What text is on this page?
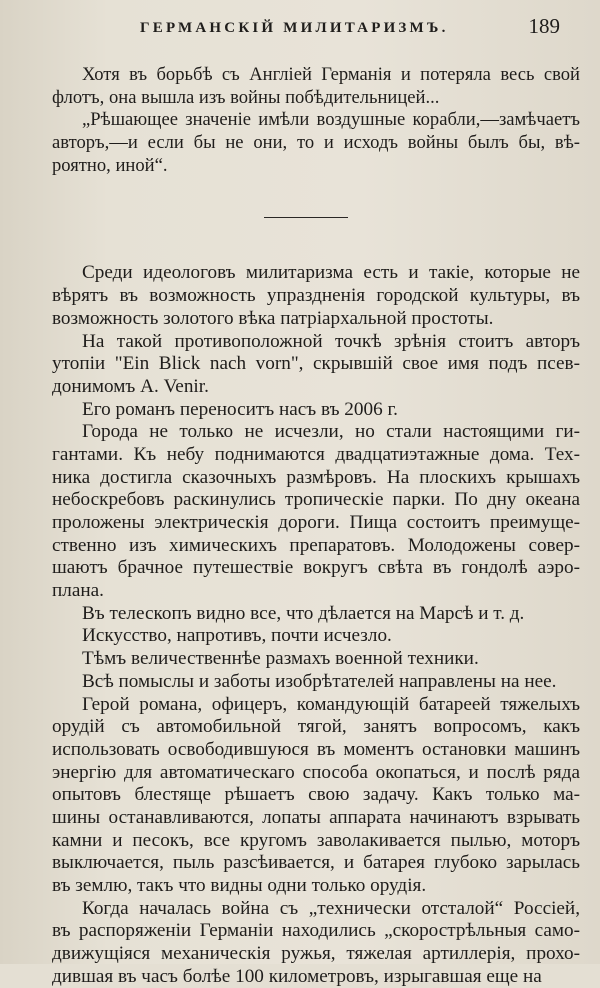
ГЕРМАНСКІЙ МИЛИТАРИЗМЪ.	189
Хотя въ борьбѣ съ Англіей Германія и потеряла весь свой
флотъ, она вышла изъ войны побѣдительницей...
„Рѣшающее значеніе имѣли воздушные корабли,—замѣчаетъ
авторъ,—и если бы не они, то и исходъ войны былъ бы, вѣ-
роятно, иной“.
Среди идеологовъ милитаризма есть и такіе, которые не
вѣрятъ въ возможность упраздненія городской культуры, въ
возможность золотого вѣка патріархальной простоты.
На такой противоположной точкѣ зрѣнія стоитъ авторъ
утопіи "Ein Blick nach vorn", скрывшій свое имя подъ псев-
донимомъ А. Venir.
Его романъ переноситъ насъ въ 2006 г.
Города не только не исчезли, но стали настоящими ги-
гантами. Къ небу поднимаются двадцатиэтажные дома. Тех-
ника достигла сказочныхъ размѣровъ. На плоскихъ крышахъ
небоскребовъ раскинулись тропическіе парки. По дну океана
проложены электрическія дороги. Пища состоитъ преимуще-
ственно изъ химическихъ препаратовъ. Молодожены совер-
шаютъ брачное путешествіе вокругъ свѣта въ гондолѣ аэро-
плана.
Въ телескопъ видно все, что дѣлается на Марсѣ и т. д.
Искусство, напротивъ, почти исчезло.
Тѣмъ величественнѣе размахъ военной техники.
Всѣ помыслы и заботы изобрѣтателей направлены на нее.
Герой романа, офицеръ, командующій батареей тяжелыхъ
орудій съ автомобильной тягой, занятъ вопросомъ, какъ
использовать освободившуюся въ моментъ остановки машинъ
энергію для автоматическаго способа окопаться, и послѣ ряда
опытовъ блестяще рѣшаетъ свою задачу. Какъ только ма-
шины останавливаются, лопаты аппарата начинаютъ взрывать
камни и песокъ, все кругомъ заволакивается пылью, моторъ
выключается, пыль разсѣивается, и батарея глубоко зарылась
въ землю, такъ что видны одни только орудія.
Когда началась война съ „технически отсталой“ Россіей,
въ распоряженіи Германіи находились „скорострѣльныя само-
движущіяся механическія ружья, тяжелая артиллерія, прохо-
дившая въ часъ болѣе 100 километровъ, изрыгавшая еще на
